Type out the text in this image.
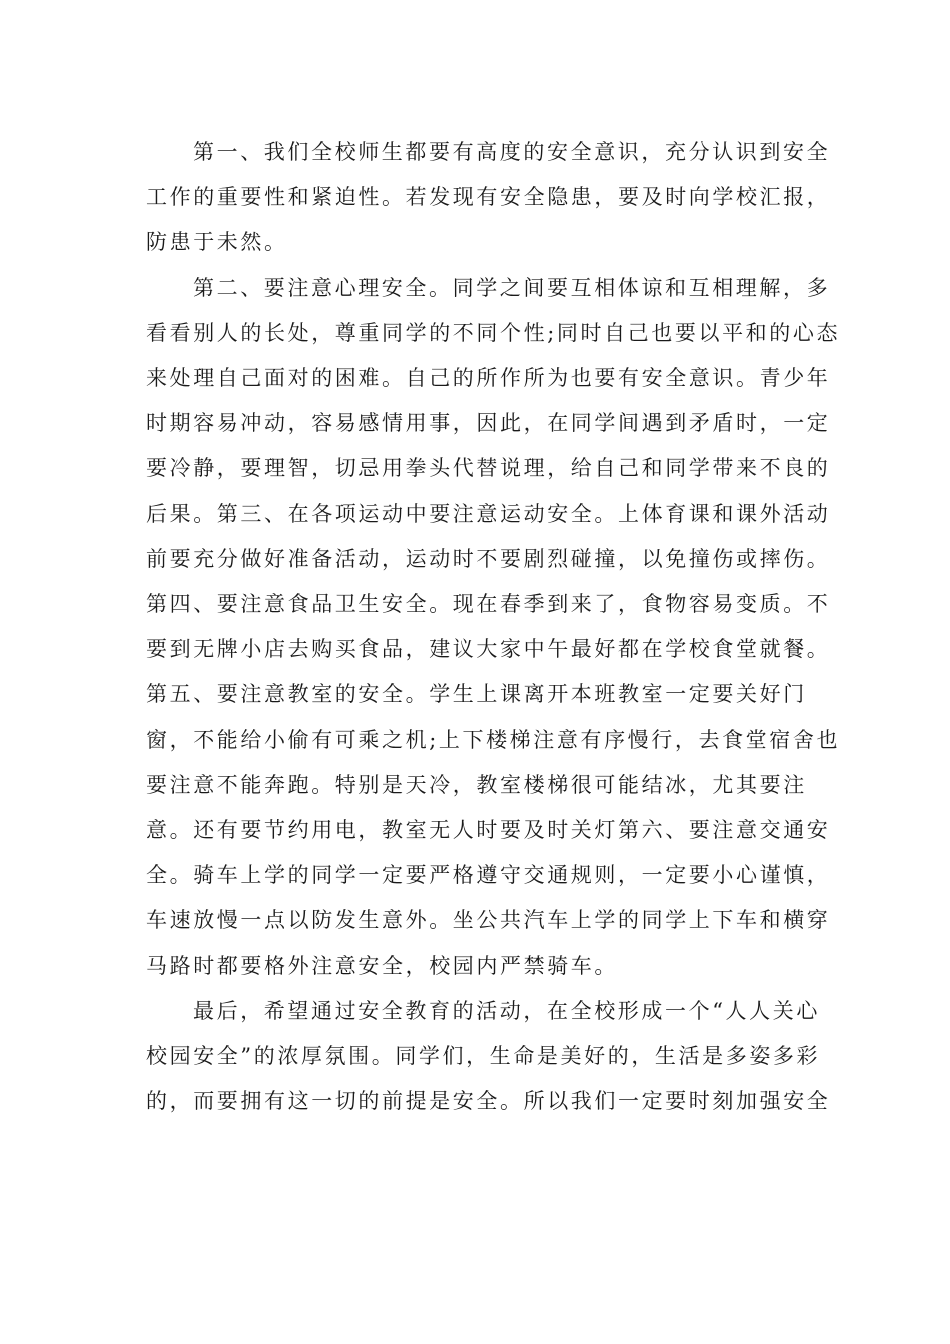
第一、我们全校师生都要有高度的安全意识，充分认识到安全
工作的重要性和紧迫性。若发现有安全隐患，要及时向学校汇报，
防患于未然。
第二、要注意心理安全。同学之间要互相体谅和互相理解，多
看看别人的长处，尊重同学的不同个性;同时自己也要以平和的心态
来处理自己面对的困难。自己的所作所为也要有安全意识。青少年
时期容易冲动，容易感情用事，因此，在同学间遇到矛盾时，一定
要冷静，要理智，切忌用拳头代替说理，给自己和同学带来不良的
后果。第三、在各项运动中要注意运动安全。上体育课和课外活动
前要充分做好准备活动，运动时不要剧烈碰撞，以免撞伤或摔伤。
第四、要注意食品卫生安全。现在春季到来了，食物容易变质。不
要到无牌小店去购买食品，建议大家中午最好都在学校食堂就餐。
第五、要注意教室的安全。学生上课离开本班教室一定要关好门
窗，不能给小偷有可乘之机;上下楼梯注意有序慢行，去食堂宿舍也
要注意不能奔跑。特别是天冷，教室楼梯很可能结冰，尤其要注
意。还有要节约用电，教室无人时要及时关灯第六、要注意交通安
全。骑车上学的同学一定要严格遵守交通规则，一定要小心谨慎，
车速放慢一点以防发生意外。坐公共汽车上学的同学上下车和横穿
马路时都要格外注意安全，校园内严禁骑车。
最后，希望通过安全教育的活动，在全校形成一个“人人关心
校园安全”的浓厚氛围。同学们，生命是美好的，生活是多姿多彩
的，而要拥有这一切的前提是安全。所以我们一定要时刻加强安全
